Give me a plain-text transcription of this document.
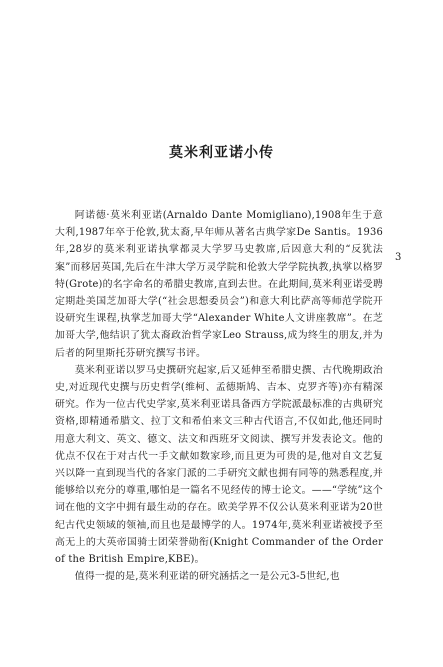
莫米利亚诺小传

阿诺德·莫米利亚诺(Arnaldo Dante Momigliano),1908年生于意大利,1987年卒于伦敦,犹太裔,早年师从著名古典学家De Santis。1936年,28岁的莫米利亚诺执掌都灵大学罗马史教席,后因意大利的“反犹法案”而移居英国,先后在牛津大学万灵学院和伦敦大学学院执教,执掌以格罗特(Grote)的名字命名的希腊史教席,直到去世。在此期间,莫米利亚诺受聘定期赴美国芝加哥大学(“社会思想委员会”)和意大利比萨高等师范学院开设研究生课程,执掌芝加哥大学“Alexander White人文讲座教席”。在芝加哥大学,他结识了犹太裔政治哲学家Leo Strauss,成为终生的朋友,并为后者的阿里斯托芬研究撰写书评。

莫米利亚诺以罗马史撰研究起家,后又延伸至希腊史撰、古代晚期政治史,对近现代史撰与历史哲学(维柯、孟德斯鸠、吉本、克罗齐等)亦有精深研究。作为一位古代史学家,莫米利亚诺具备西方学院派最标准的古典研究资格,即精通希腊文、拉丁文和希伯来文三种古代语言,不仅如此,他还同时用意大利文、英文、德文、法文和西班牙文阅读、撰写并发表论文。他的优点不仅在于对古代一手文献如数家珍,而且更为可贵的是,他对自文艺复兴以降一直到现当代的各家门派的二手研究文献也拥有同等的熟悉程度,并能够给以充分的尊重,哪怕是一篇名不见经传的博士论文。——“学统”这个词在他的文字中拥有最生动的存在。欧美学界不仅公认莫米利亚诺为20世纪古代史领域的领袖,而且也是最博学的人。1974年,莫米利亚诺被授予至高无上的大英帝国骑士团荣誉勋衔(Knight Commander of the Order of the British Empire,KBE)。

值得一提的是,莫米利亚诺的研究涵括之一是公元3-5世纪,也

3
